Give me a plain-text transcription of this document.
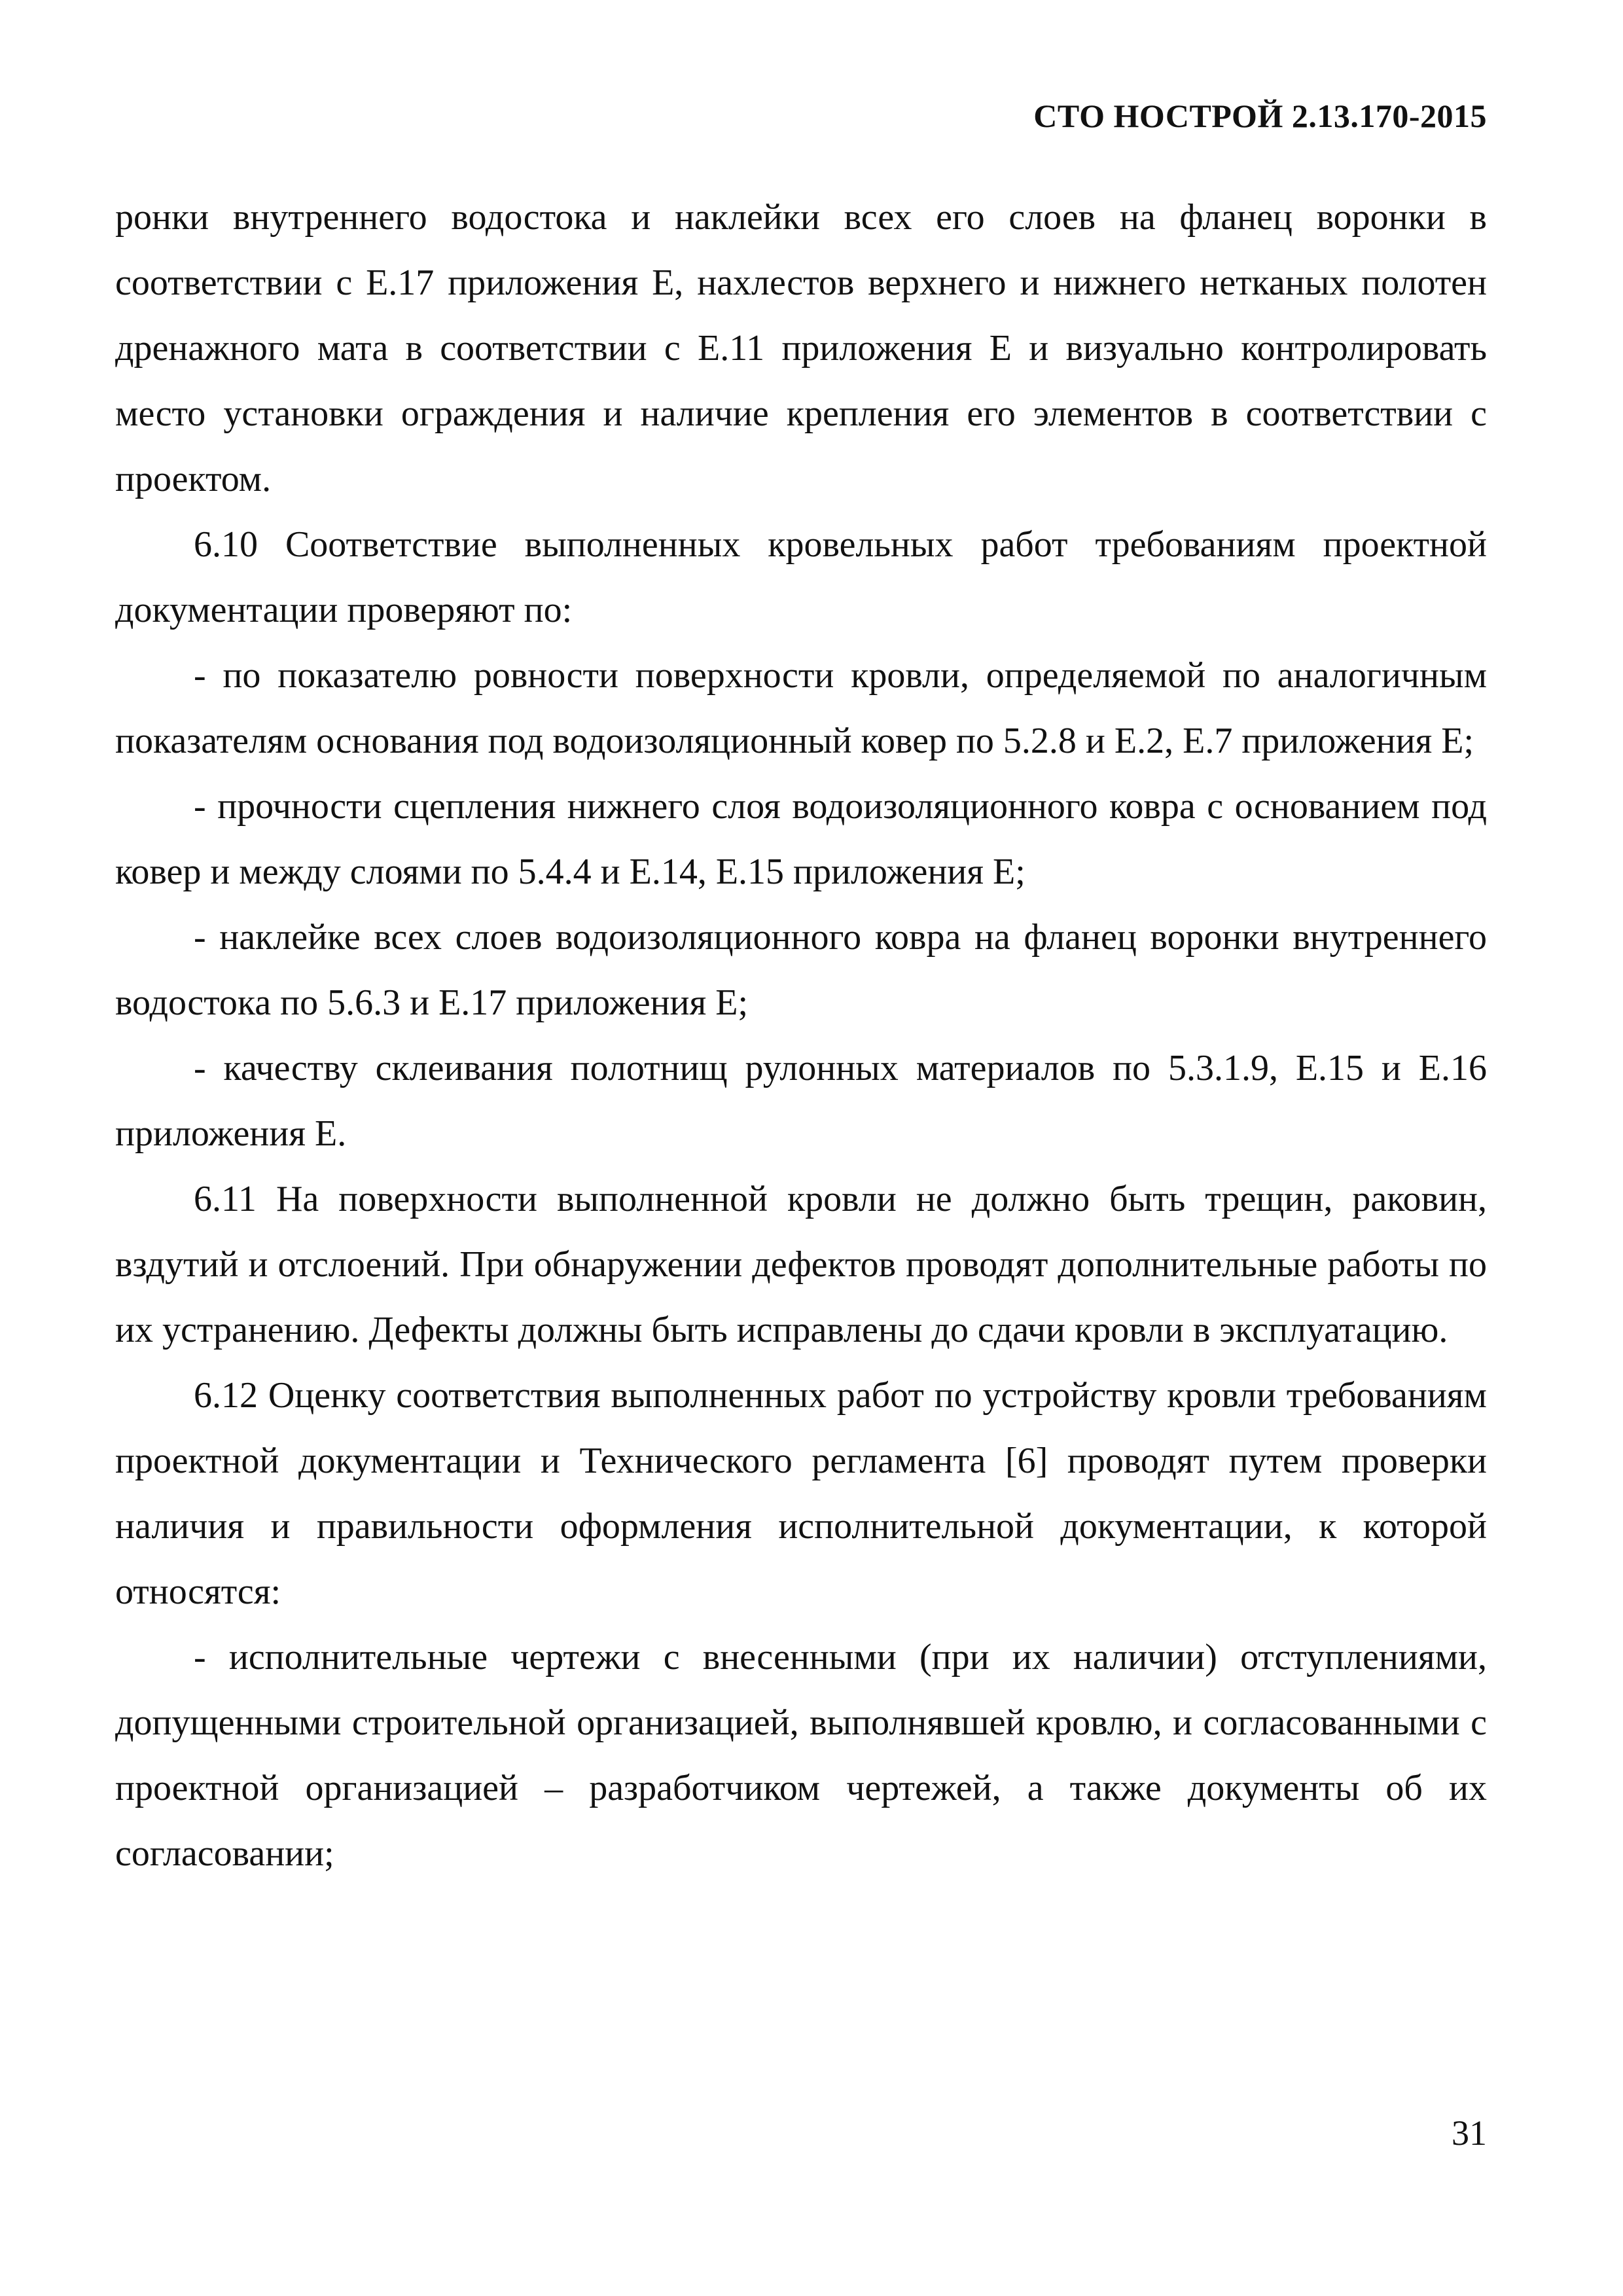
СТО НОСТРОЙ 2.13.170-2015

ронки внутреннего водостока и наклейки всех его слоев на фланец воронки в соответствии с Е.17 приложения Е, нахлестов верхнего и нижнего нетканых полотен дренажного мата в соответствии с Е.11 приложения Е и визуально контролировать место установки ограждения и наличие крепления его элементов в соответствии с проектом.

6.10 Соответствие выполненных кровельных работ требованиям проектной документации проверяют по:

- по показателю ровности поверхности кровли, определяемой по аналогичным показателям основания под водоизоляционный ковер по 5.2.8 и Е.2, Е.7 приложения Е;

- прочности сцепления нижнего слоя водоизоляционного ковра с основанием под ковер и между слоями по 5.4.4 и Е.14, Е.15 приложения Е;

- наклейке всех слоев водоизоляционного ковра на фланец воронки внутреннего водостока по 5.6.3 и Е.17 приложения Е;

- качеству склеивания полотнищ рулонных материалов по 5.3.1.9, Е.15 и Е.16 приложения Е.

6.11 На поверхности выполненной кровли не должно быть трещин, раковин, вздутий и отслоений. При обнаружении дефектов проводят дополнительные работы по их устранению. Дефекты должны быть исправлены до сдачи кровли в эксплуатацию.

6.12 Оценку соответствия выполненных работ по устройству кровли требованиям проектной документации и Технического регламента [6] проводят путем проверки наличия и правильности оформления исполнительной документации, к которой относятся:

- исполнительные чертежи с внесенными (при их наличии) отступлениями, допущенными строительной организацией, выполнявшей кровлю, и согласованными с проектной организацией – разработчиком чертежей, а также документы об их согласовании;

31
